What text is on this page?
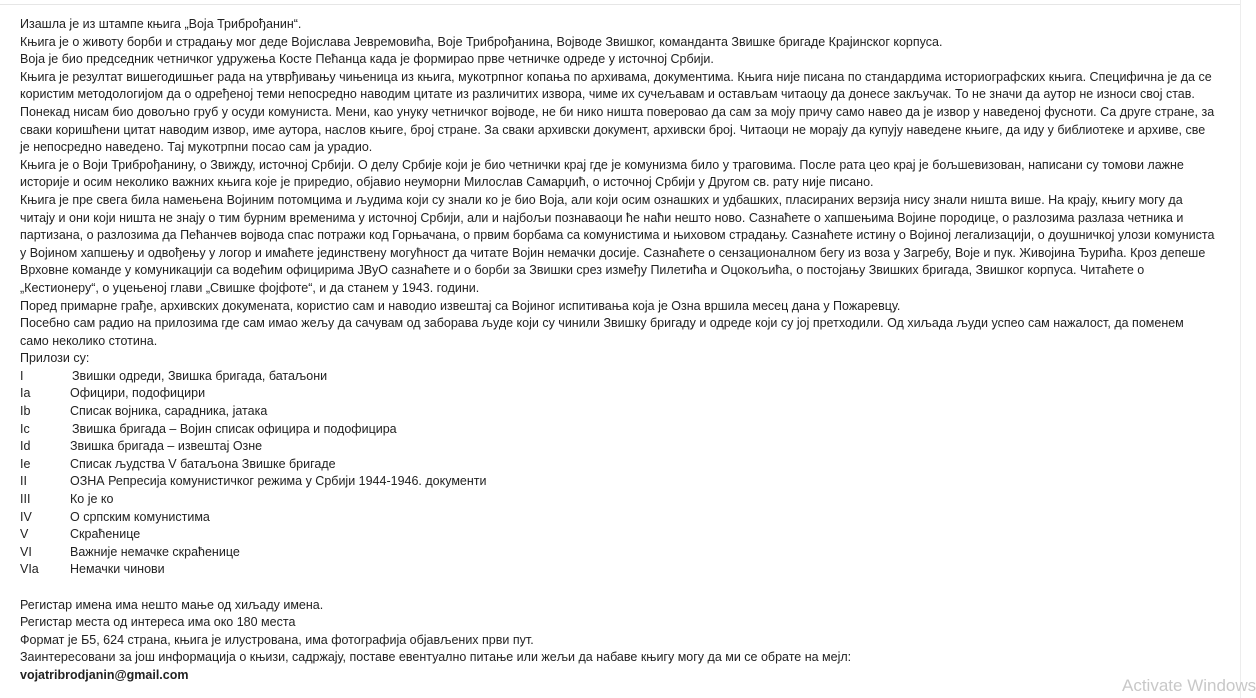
Изашла је из штампе књига „Воја Триброђанин“.

Књига је о животу борби и страдању мог деде Војислава Јевремовића, Воје Триброђанина, Војводе Звишког, команданта Звишке бригаде Крајинског корпуса.

Воја је био председник четничког удружења Косте Пећанца када је формирао прве четничке одреде у источној Србији.

Књига је резултат вишегодишњег рада на утврђивању чињеница из књига, мукотрпног копања по архивама, документима. Књига није писана по стандардима историографских књига. Специфична је да се користим методологијом да о одређеној теми непосредно наводим цитате из различитих извора, чиме их сучељавам и остављам читаоцу да донесе закључак. То не значи да аутор не износи свој став. Понекад нисам био довољно груб у осуди комуниста. Мени, као унуку четничког војводе, не би нико ништа поверовао да сам за моју причу само навео да је извор у наведеној фусноти. Са друге стране, за сваки коришћени цитат наводим извор, име аутора, наслов књиге, број стране. За сваки архивски документ, архивски број. Читаоци не морају да купују наведене књиге, да иду у библиотеке и архиве, све је непосредно наведено. Тај мукотрпни посао сам ја урадио.

Књига је о Воји Триброђанину, о Звижду, источној Србији. О делу Србије који је био четнички крај где је комунизма било у траговима. После рата цео крај је бољшевизован, написани су томови лажне историје и осим неколико важних књига које је приредио, објавио неуморни Милослав Самарџић, о источној Србији у Другом св. рату није писано.

Књига је пре свега била намењена Војиним потомцима и људима који су знали ко је био Воја, али који осим ознашких и удбашких, пласираних верзија нису знали ништа више. На крају, књигу могу да читају и они који ништа не знају о тим бурним временима у источној Србији, али и најбољи познаваоци ће наћи нешто ново. Сазнаћете о хапшењима Војине породице, о разлозима разлаза четника и партизана, о разлозима да Пећанчев војвода спас потражи код Горњачана, о првим борбама са комунистима и њиховом страдању. Сазнаћете истину о Војиној легализацији, о доушничкој улози комуниста у Војином хапшењу и одвођењу у логор и имаћете јединствену могућност да читате Војин немачки досије. Сазнаћете о сензационалном бегу из воза у Загребу, Воје и пук. Живојина Ђурића. Кроз депеше Врховне команде у комуникацији са водећим официрима ЈВуО сазнаћете и о борби за Звишки срез између Пилетића и Оцокољића, о постојању Звишких бригада, Звишког корпуса. Читаћете о „Кестионеру“, о уцењеној глави „Свишке фојфоте“, и да станем у 1943. години.

Поред примарне грађе, архивских докумената, користио сам и наводио извештај са Војиног испитивања која је Озна вршила месец дана у Пожаревцу.

Посебно сам радио на прилозима где сам имао жељу да сачувам од заборава људе који су чинили Звишку бригаду и одреде који су јој претходили. Од хиљада људи успео сам нажалост, да поменем само неколико стотина.

Прилози су:

I	Звишки одреди, Звишка бригада, батаљони
Ia	Официри, подофицири
Ib	Списак војника, сарадника, јатака
Ic	Звишка бригада – Војин списак официра и подофицира
Id	Звишка бригада – извештај Озне
Ie	Списак људства V батаљона Звишке бригаде
II	ОЗНА Репресија комунистичког режима у Србији 1944-1946. документи
III	Ко је ко
IV	О српским комунистима
V	Скраћенице
VI	Важније немачке скраћенице
VIa	Немачки чинови

Регистар имена има нешто мање од хиљаду имена.

Регистар места од интереса има око 180 места

Формат је Б5, 624 страна, књига је илустрована, има фотографија објављених први пут.

Заинтересовани за још информација о књизи, садржају, поставе евентуално питање или жељи да набаве књигу могу да ми се обрате на мејл:

vojatribrodjanin@gmail.com

Activate Windows
